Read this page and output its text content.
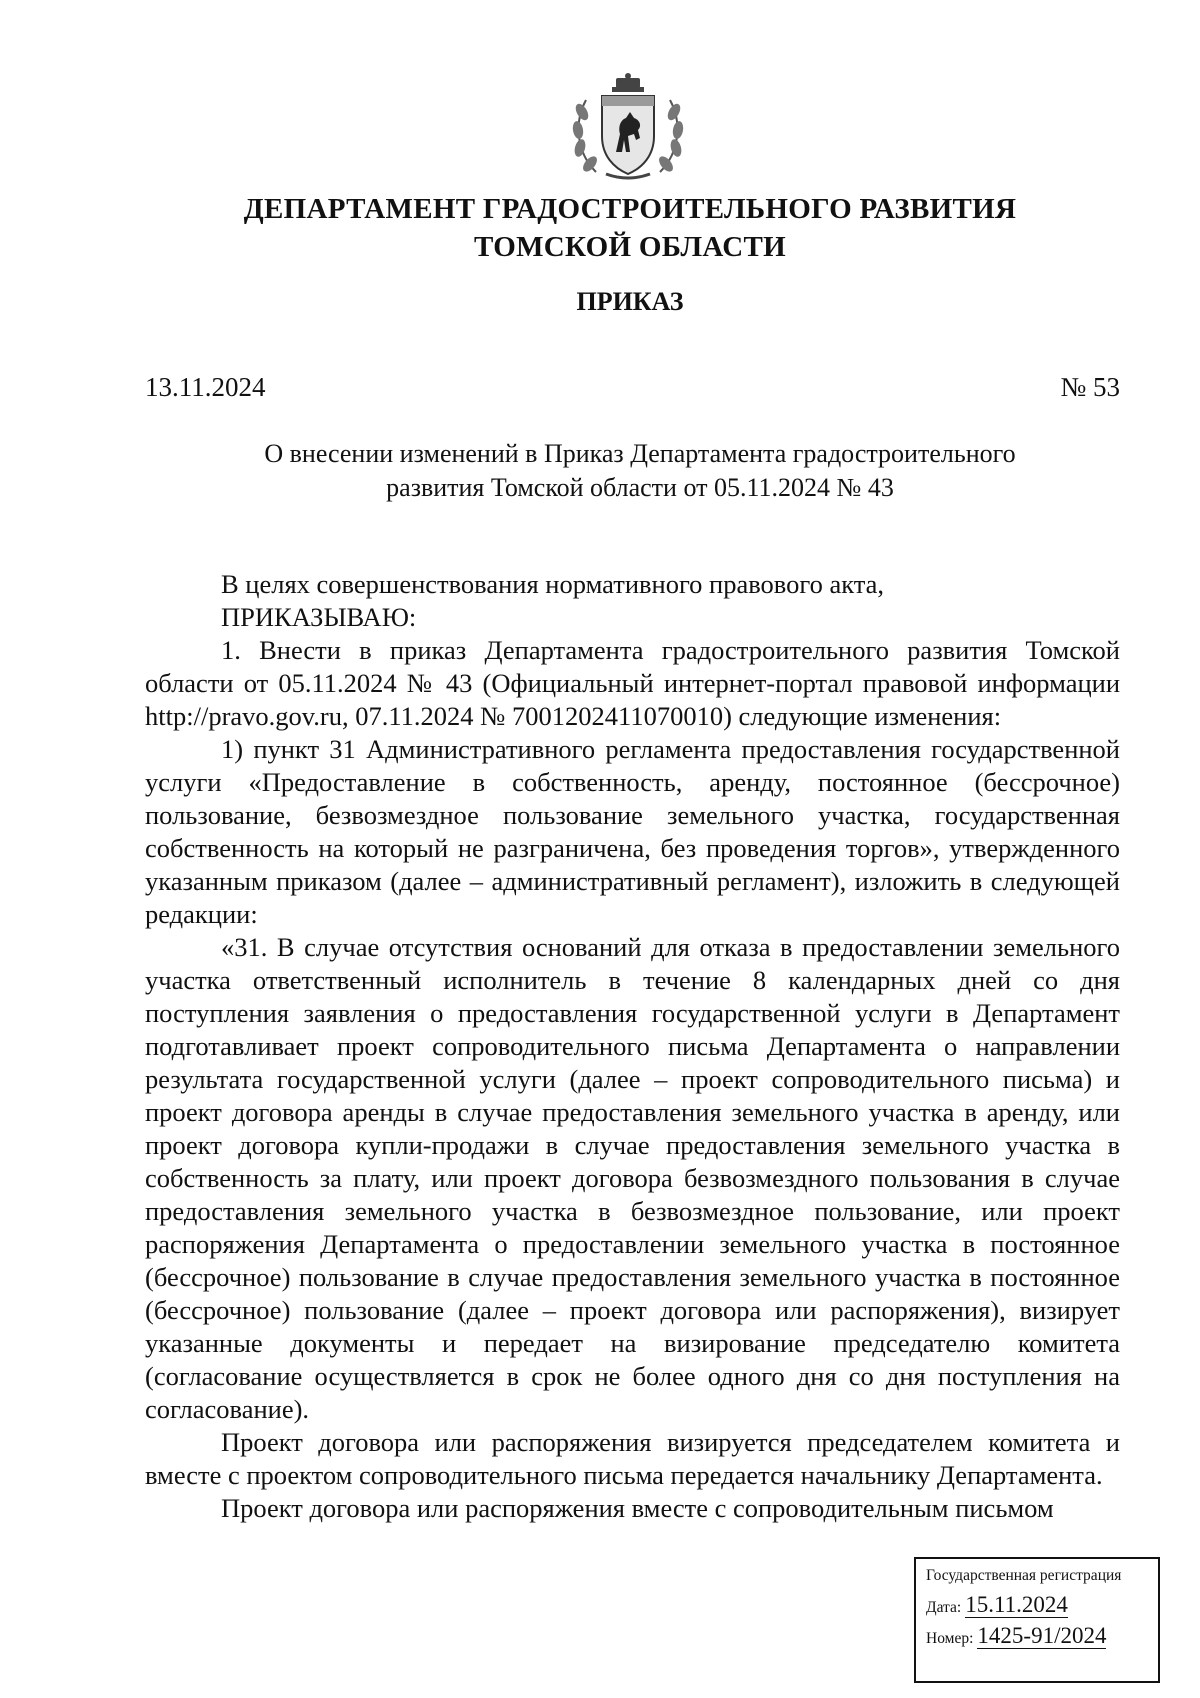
ДЕПАРТАМЕНТ ГРАДОСТРОИТЕЛЬНОГО РАЗВИТИЯ
ТОМСКОЙ ОБЛАСТИ
ПРИКАЗ
13.11.2024	№ 53
О внесении изменений в Приказ Департамента градостроительного
развития Томской области от 05.11.2024 № 43

В целях совершенствования нормативного правового акта,

ПРИКАЗЫВАЮ:

1. Внести в приказ Департамента градостроительного развития Томской области от 05.11.2024 № 43 (Официальный интернет-портал правовой информации http://pravo.gov.ru, 07.11.2024 № 7001202411070010) следующие изменения:

1) пункт 31 Административного регламента предоставления государственной услуги «Предоставление в собственность, аренду, постоянное (бессрочное) пользование, безвозмездное пользование земельного участка, государственная собственность на который не разграничена, без проведения торгов», утвержденного указанным приказом (далее – административный регламент), изложить в следующей редакции:

«31. В случае отсутствия оснований для отказа в предоставлении земельного участка ответственный исполнитель в течение 8 календарных дней со дня поступления заявления о предоставления государственной услуги в Департамент подготавливает проект сопроводительного письма Департамента о направлении результата государственной услуги (далее – проект сопроводительного письма) и проект договора аренды в случае предоставления земельного участка в аренду, или проект договора купли-продажи в случае предоставления земельного участка в собственность за плату, или проект договора безвозмездного пользования в случае предоставления земельного участка в безвозмездное пользование, или проект распоряжения Департамента о предоставлении земельного участка в постоянное (бессрочное) пользование в случае предоставления земельного участка в постоянное (бессрочное) пользование (далее – проект договора или распоряжения), визирует указанные документы и передает на визирование председателю комитета (согласование осуществляется в срок не более одного дня со дня поступления на согласование).

Проект договора или распоряжения визируется председателем комитета и вместе с проектом сопроводительного письма передается начальнику Департамента.

Проект договора или распоряжения вместе с сопроводительным письмом

Государственная регистрация
Дата: 15.11.2024
Номер: 1425-91/2024
